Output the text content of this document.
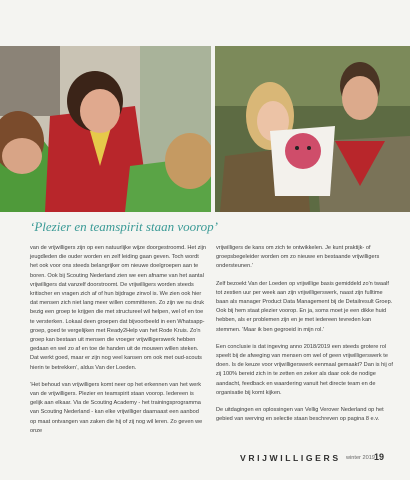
‘Plezier en teamspirit staan voorop’

van de vrijwilligers zijn op een natuurlijke wijze doorgestroomd. Het zijn jeugdleden die ouder worden en zelf leiding gaan geven. Toch wordt het ook voor ons steeds belangrijker om nieuwe doelgroepen aan te boren. Ook bij Scouting Nederland zien we een afname van het aantal vrijwilligers dat vanzelf doorstroomt. De vrijwilligers worden steeds kritischer en vragen zich af of hun bijdrage zinvol is. We zien ook hier dat mensen zich niet lang meer willen committeren. Zo zijn we nu druk bezig een groep te krijgen die met structureel wil helpen, wel of en toe te versterken. Lokaal deen groepen dat bijvoorbeeld in een Whatsapp-groep, goed te vergelijken met Ready2Help van het Rode Kruis. Zo'n groep kan bestaan uit mensen die vroeger vrijwilligerswerk hebben gedaan en wel zo af en toe de handen uit de mouwen willen steken. Dat werkt goed, maar er zijn nog veel kansen om ook met oud-scouts hierin te betrekken’, aldus Van der Loeden.

‘Het behoud van vrijwilligers komt neer op het erkennen van het werk van de vrijwilligers. Plezier en teamspirit staan voorop. Iedereen is gelijk aan elkaar. Via de Scouting Academy - het trainingsprogramma van Scouting Nederland - kan elke vrijwilliger daarnaast een aanbod op maat ontvangen van zaken die hij of zij nog wil leren. Zo geven we onze

vrijwilligers de kans om zich te ontwikkelen. Je kunt praktijk- of groepsbegeleider worden om zo nieuwe en bestaande vrijwilligers ondersteunen.’

Zelf bezoekt Van der Loeden op vrijwillige basis gemiddeld zo'n twaalf tot zestien uur per week aan zijn vrijwilligerswerk, naast zijn fulltime baan als manager Product Data Management bij de Detailresult Groep. Ook bij hem staat plezier voorop. En ja, soms moet je een dikke huid hebben, als er problemen zijn en je met iedereen tevreden kan stemmen. ‘Maar ik ben gegroeid in mijn rol.’

Een conclusie is dat ingeving anno 2018/2019 een steeds grotere rol speelt bij de afweging van mensen om wel of geen vrijwilligerswerk te doen. Is de keuze voor vrijwilligerswerk eenmaal gemaakt? Dan is hij of zij 100% bereid zich in te zetten en zeker als daar ook de nodige aandacht, feedback en waardering vanuit het directe team en de organisatie bij komt kijken.

De uitdagingen en oplossingen van Vellig Verover Nederland op het gebied van werving en selectie staan beschreven op pagina 8 e.v.

VRIJWILLIGERS winter 2019 19
